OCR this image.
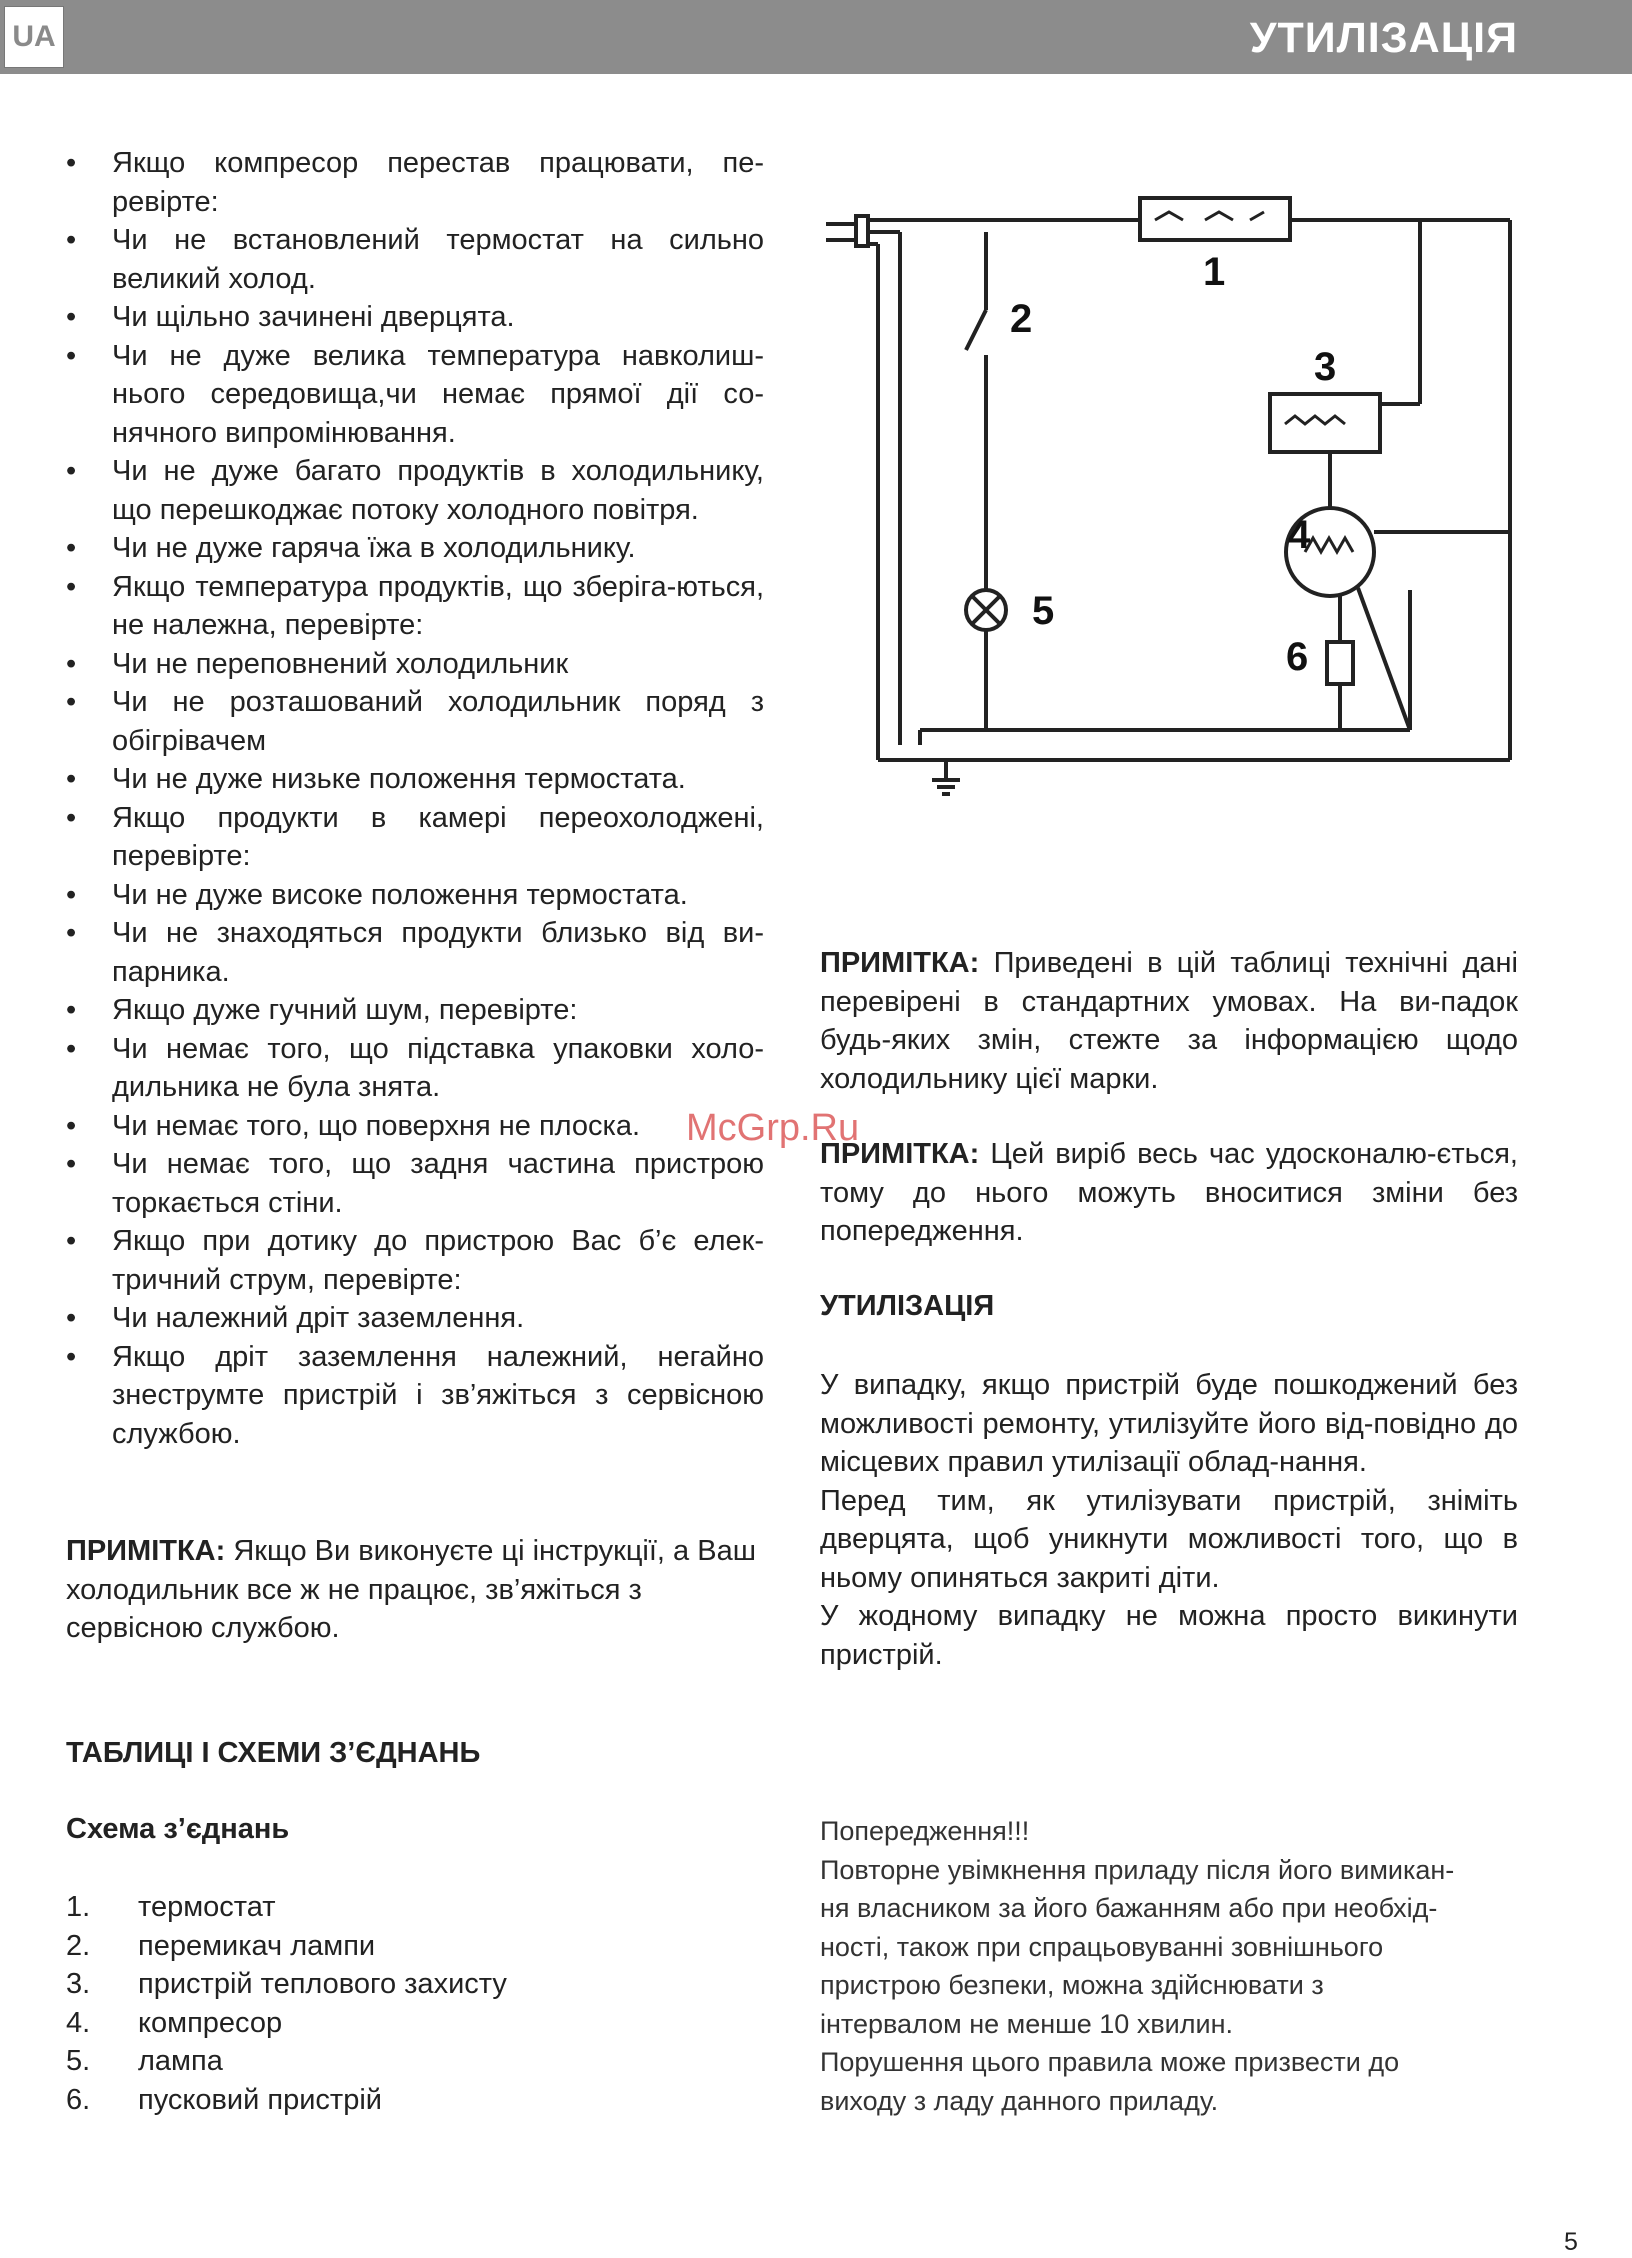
UA	УТИЛІЗАЦІЯ
• Якщо компресор перестав працювати, пе-ревірте:
• Чи не встановлений термостат на сильно великий холод.
• Чи щільно зачинені дверцята.
• Чи не дуже велика температура навколиш-нього середовища,чи немає прямої дії со-нячного випромінювання.
• Чи не дуже багато продуктів в холодильнику, що перешкоджає потоку холодного повітря.
• Чи не дуже гаряча їжа в холодильнику.
• Якщо температура продуктів, що зберіга-ються, не належна, перевірте:
• Чи не переповнений холодильник
• Чи не розташований холодильник поряд з обігрівачем
• Чи не дуже низьке положення термостата.
• Якщо продукти в камері переохолоджені, перевірте:
• Чи не дуже високе положення термостата.
• Чи не знаходяться продукти близько від ви-парника.
• Якщо дуже гучний шум, перевірте:
• Чи немає того, що підставка упаковки холо-дильника не була знята.
• Чи немає того, що поверхня не плоска.
• Чи немає того, що задня частина пристрою торкається стіни.
• Якщо при дотику до пристрою Вас б’є елек-тричний струм, перевірте:
• Чи належний дріт заземлення.
• Якщо дріт заземлення належний, негайно знеструмте пристрій і зв’яжіться з сервісною службою.
ПРИМІТКА: Якщо Ви виконуєте ці інструкції, а Ваш холодильник все ж не працює, зв’яжіться з сервісною службою.
ТАБЛИЦІ І СХЕМИ З’ЄДНАНЬ
Схема з’єднань
1.	термостат
2.	перемикач лампи
3.	пристрій теплового захисту
4.	компресор
5.	лампа
6.	пусковий пристрій
1
2
3
4
5
6
ПРИМІТКА: Приведені в цій таблиці технічні дані перевірені в стандартних умовах. На ви-падок будь-яких змін, стежте за інформацією щодо холодильнику цієї марки.
ПРИМІТКА: Цей виріб весь час удосконалю-ється, тому до нього можуть вноситися зміни без попередження.
УТИЛІЗАЦІЯ
У випадку, якщо пристрій буде пошкоджений без можливості ремонту, утилізуйте його від-повідно до місцевих правил утилізації облад-нання.
Перед тим, як утилізувати пристрій, зніміть дверцята, щоб уникнути можливості того, що в ньому опиняться закриті діти.
У жодному випадку не можна просто викинути пристрій.
Попередження!!!
Повторне увімкнення приладу після його вимикан-
ня власником за його бажанням або при необхід-
ності, також при спрацьовуванні зовнішнього
пристрою безпеки, можна здійснювати з
інтервалом не менше 10 хвилин.
Порушення цього правила може призвести до
виходу з ладу данного приладу.
McGrp.Ru
5
